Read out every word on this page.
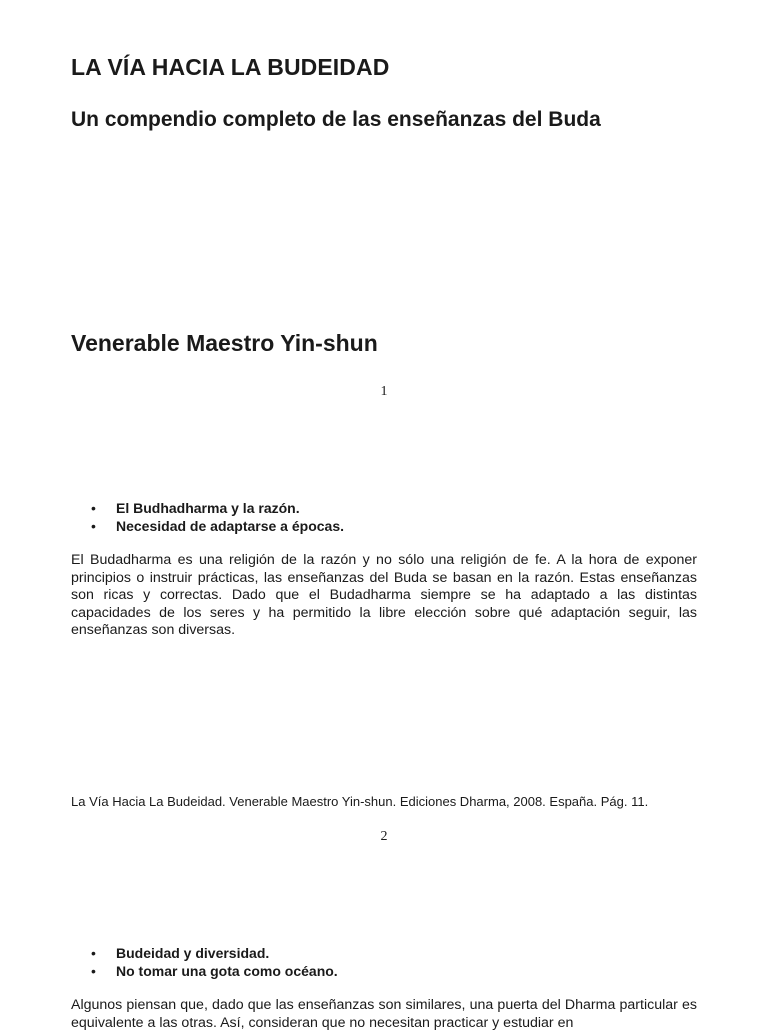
LA VÍA HACIA LA BUDEIDAD
Un compendio completo de las enseñanzas del Buda
Venerable Maestro Yin-shun
1
• El Budhadharma y la razón.
• Necesidad de adaptarse a épocas.

El Budadharma es una religión de la razón y no sólo una religión de fe. A la hora de exponer principios o instruir prácticas, las enseñanzas del Buda se basan en la razón. Estas enseñanzas son ricas y correctas. Dado que el Budadharma siempre se ha adaptado a las distintas capacidades de los seres y ha permitido la libre elección sobre qué adaptación seguir, las enseñanzas son diversas.

La Vía Hacia La Budeidad. Venerable Maestro Yin-shun. Ediciones Dharma, 2008. España. Pág. 11.

2
• Budeidad y diversidad.
• No tomar una gota como océano.

Algunos piensan que, dado que las enseñanzas son similares, una puerta del Dharma particular es equivalente a las otras. Así, consideran que no necesitan practicar y estudiar en
